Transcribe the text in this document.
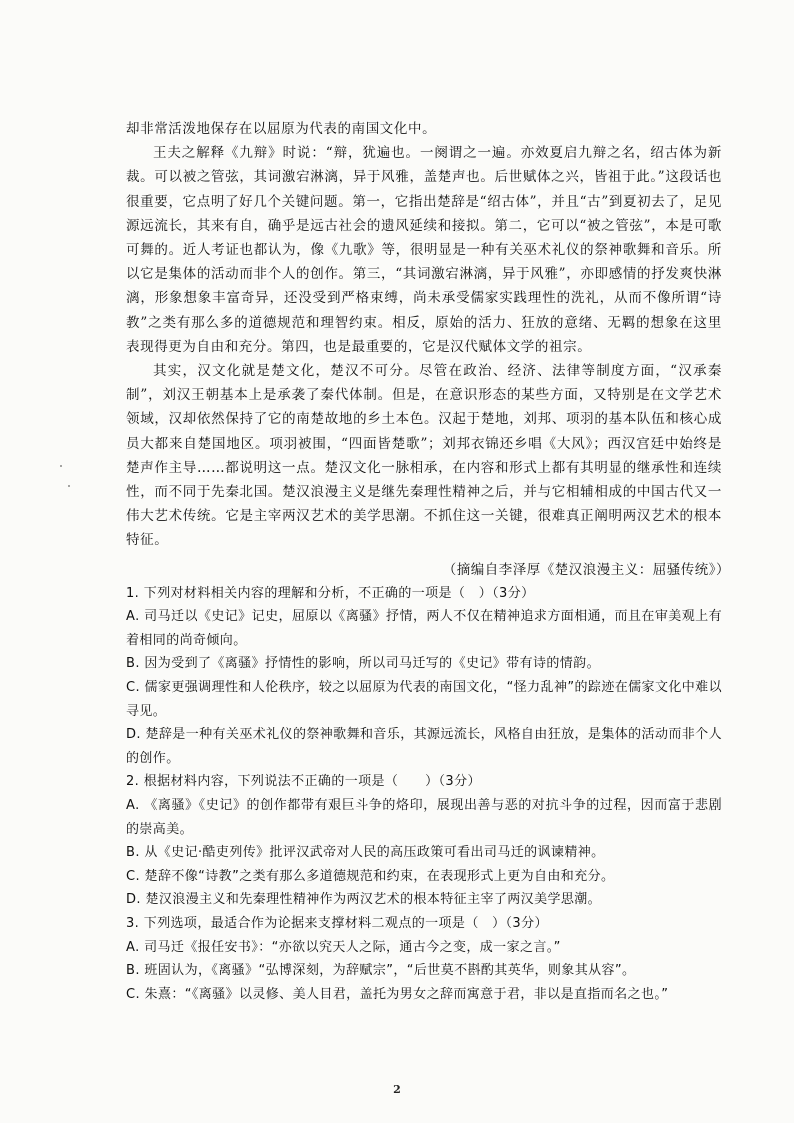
却非常活泼地保存在以屈原为代表的南国文化中。

王夫之解释《九辩》时说：“辩，犹遍也。一阕谓之一遍。亦效夏启九辩之名，绍古体为新裁。可以被之管弦，其词激宕淋漓，异于风雅，盖楚声也。后世赋体之兴，皆祖于此。”这段话也很重要，它点明了好几个关键问题。第一，它指出楚辞是“绍古体”，并且“古”到夏初去了，足见源远流长，其来有自，确乎是远古社会的遗风延续和接拟。第二，它可以“被之管弦”，本是可歌可舞的。近人考证也都认为，像《九歌》等，很明显是一种有关巫术礼仪的祭神歌舞和音乐。所以它是集体的活动而非个人的创作。第三，“其词激宕淋漓，异于风雅”，亦即感情的抒发爽快淋漓，形象想象丰富奇异，还没受到严格束缚，尚未承受儒家实践理性的洗礼，从而不像所谓“诗教”之类有那么多的道德规范和理智约束。相反，原始的活力、狂放的意绪、无羁的想象在这里表现得更为自由和充分。第四，也是最重要的，它是汉代赋体文学的祖宗。

其实，汉文化就是楚文化，楚汉不可分。尽管在政治、经济、法律等制度方面，“汉承秦制”，刘汉王朝基本上是承袭了秦代体制。但是，在意识形态的某些方面，又特别是在文学艺术领域，汉却依然保持了它的南楚故地的乡土本色。汉起于楚地，刘邦、项羽的基本队伍和核心成员大都来自楚国地区。项羽被围，“四面皆楚歌”；刘邦衣锦还乡唱《大风》；西汉宫廷中始终是楚声作主导……都说明这一点。楚汉文化一脉相承，在内容和形式上都有其明显的继承性和连续性，而不同于先秦北国。楚汉浪漫主义是继先秦理性精神之后，并与它相辅相成的中国古代又一伟大艺术传统。它是主宰两汉艺术的美学思潮。不抓住这一关键，很难真正阐明两汉艺术的根本特征。

（摘编自李泽厚《楚汉浪漫主义：屈骚传统》）

1. 下列对材料相关内容的理解和分析，不正确的一项是（　）（3分）

A. 司马迁以《史记》记史，屈原以《离骚》抒情，两人不仅在精神追求方面相通，而且在审美观上有着相同的尚奇倾向。

B. 因为受到了《离骚》抒情性的影响，所以司马迁写的《史记》带有诗的情韵。

C. 儒家更强调理性和人伦秩序，较之以屈原为代表的南国文化，“怪力乱神”的踪迹在儒家文化中难以寻见。

D. 楚辞是一种有关巫术礼仪的祭神歌舞和音乐，其源远流长，风格自由狂放，是集体的活动而非个人的创作。

2. 根据材料内容，下列说法不正确的一项是（　　）（3分）

A. 《离骚》《史记》的创作都带有艰巨斗争的烙印，展现出善与恶的对抗斗争的过程，因而富于悲剧的崇高美。

B. 从《史记·酷吏列传》批评汉武帝对人民的高压政策可看出司马迁的讽谏精神。

C. 楚辞不像“诗教”之类有那么多道德规范和约束，在表现形式上更为自由和充分。

D. 楚汉浪漫主义和先秦理性精神作为两汉艺术的根本特征主宰了两汉美学思潮。

3. 下列选项，最适合作为论据来支撑材料二观点的一项是（　）（3分）

A. 司马迁《报任安书》：“亦欲以究天人之际，通古今之变，成一家之言。”

B. 班固认为，《离骚》“弘博深刻，为辞赋宗”，“后世莫不斟酌其英华，则象其从容”。

C. 朱熹：“《离骚》以灵修、美人目君，盖托为男女之辞而寓意于君，非以是直指而名之也。”

2
